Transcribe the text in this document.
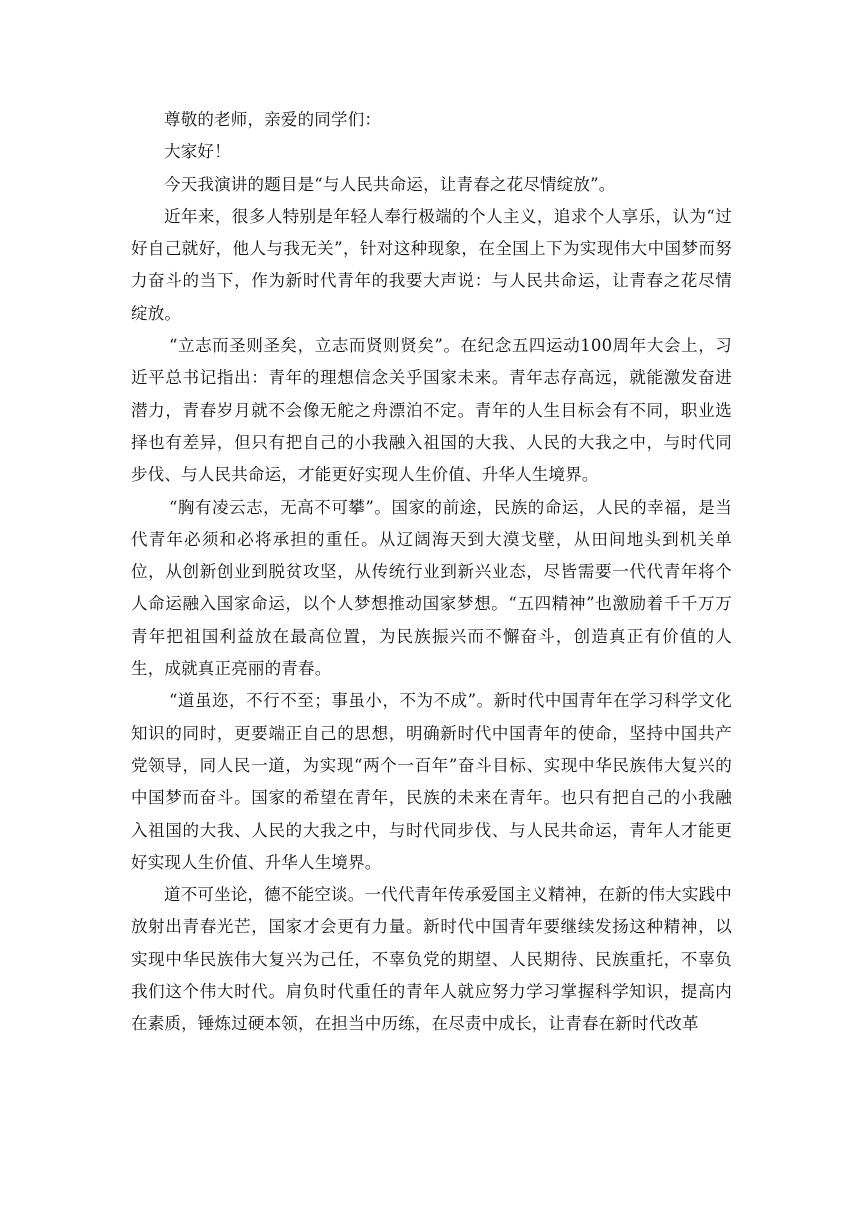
尊敬的老师，亲爱的同学们：

大家好！

今天我演讲的题目是“与人民共命运，让青春之花尽情绽放”。

近年来，很多人特别是年轻人奉行极端的个人主义，追求个人享乐，认为“过好自己就好，他人与我无关”，针对这种现象，在全国上下为实现伟大中国梦而努力奋斗的当下，作为新时代青年的我要大声说：与人民共命运，让青春之花尽情绽放。

“立志而圣则圣矣，立志而贤则贤矣”。在纪念五四运动100周年大会上，习近平总书记指出：青年的理想信念关乎国家未来。青年志存高远，就能激发奋进潜力，青春岁月就不会像无舵之舟漂泊不定。青年的人生目标会有不同，职业选择也有差异，但只有把自己的小我融入祖国的大我、人民的大我之中，与时代同步伐、与人民共命运，才能更好实现人生价值、升华人生境界。

“胸有凌云志，无高不可攀”。国家的前途，民族的命运，人民的幸福，是当代青年必须和必将承担的重任。从辽阔海天到大漠戈壁，从田间地头到机关单位，从创新创业到脱贫攻坚，从传统行业到新兴业态，尽皆需要一代代青年将个人命运融入国家命运，以个人梦想推动国家梦想。“五四精神”也激励着千千万万青年把祖国利益放在最高位置，为民族振兴而不懈奋斗，创造真正有价值的人生，成就真正亮丽的青春。

“道虽迩，不行不至；事虽小，不为不成”。新时代中国青年在学习科学文化知识的同时，更要端正自己的思想，明确新时代中国青年的使命，坚持中国共产党领导，同人民一道，为实现“两个一百年”奋斗目标、实现中华民族伟大复兴的中国梦而奋斗。国家的希望在青年，民族的未来在青年。也只有把自己的小我融入祖国的大我、人民的大我之中，与时代同步伐、与人民共命运，青年人才能更好实现人生价值、升华人生境界。

道不可坐论，德不能空谈。一代代青年传承爱国主义精神，在新的伟大实践中放射出青春光芒，国家才会更有力量。新时代中国青年要继续发扬这种精神，以实现中华民族伟大复兴为己任，不辜负党的期望、人民期待、民族重托，不辜负我们这个伟大时代。肩负时代重任的青年人就应努力学习掌握科学知识，提高内在素质，锤炼过硬本领，在担当中历练，在尽责中成长，让青春在新时代改革
